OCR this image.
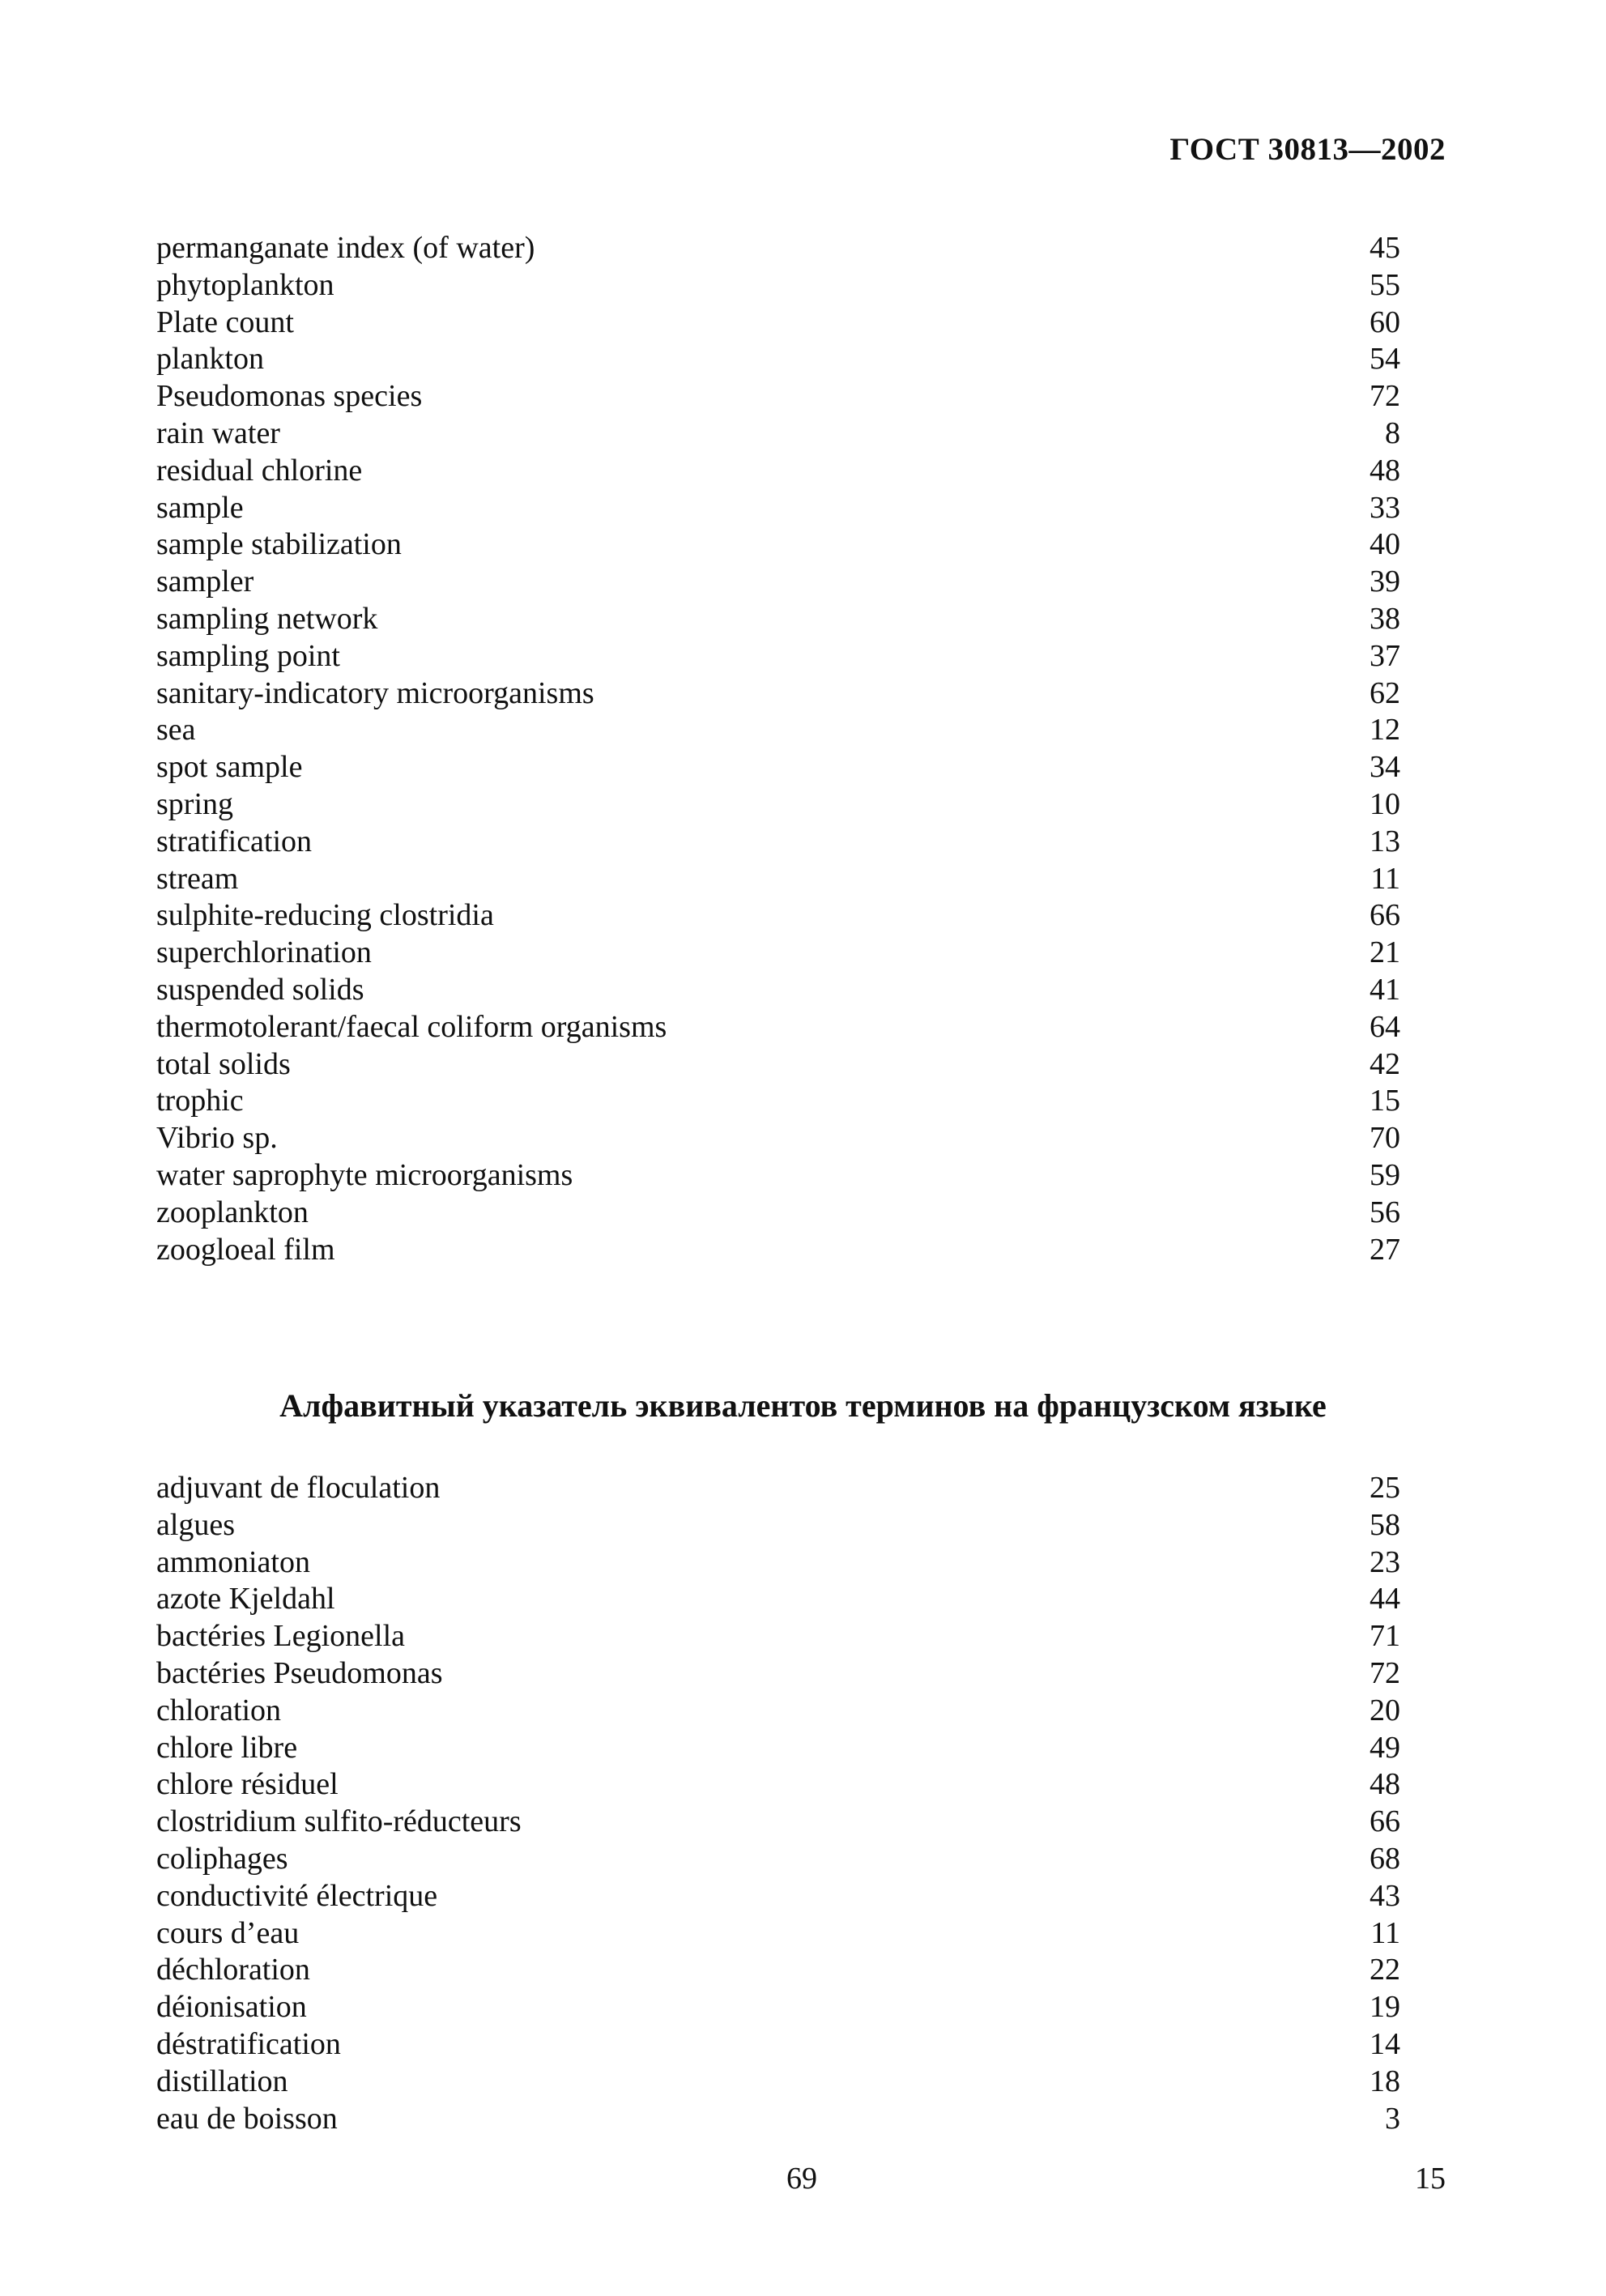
ГОСТ 30813—2002
permanganate index (of water)	45
phytoplankton	55
Plate count	60
plankton	54
Pseudomonas species	72
rain water	8
residual chlorine	48
sample	33
sample stabilization	40
sampler	39
sampling network	38
sampling point	37
sanitary-indicatory microorganisms	62
sea	12
spot sample	34
spring	10
stratification	13
stream	11
sulphite-reducing clostridia	66
superchlorination	21
suspended solids	41
thermotolerant/faecal coliform organisms	64
total solids	42
trophic	15
Vibrio sp.	70
water saprophyte microorganisms	59
zooplankton	56
zoogloeal film	27
Алфавитный указатель эквивалентов терминов на французском языке
adjuvant de floculation	25
algues	58
ammoniaton	23
azote Kjeldahl	44
bactéries Legionella	71
bactéries Pseudomonas	72
chloration	20
chlore libre	49
chlore résiduel	48
clostridium sulfito-réducteurs	66
coliphages	68
conductivité électrique	43
cours d’eau	11
déchloration	22
déionisation	19
déstratification	14
distillation	18
eau de boisson	3
69	15
